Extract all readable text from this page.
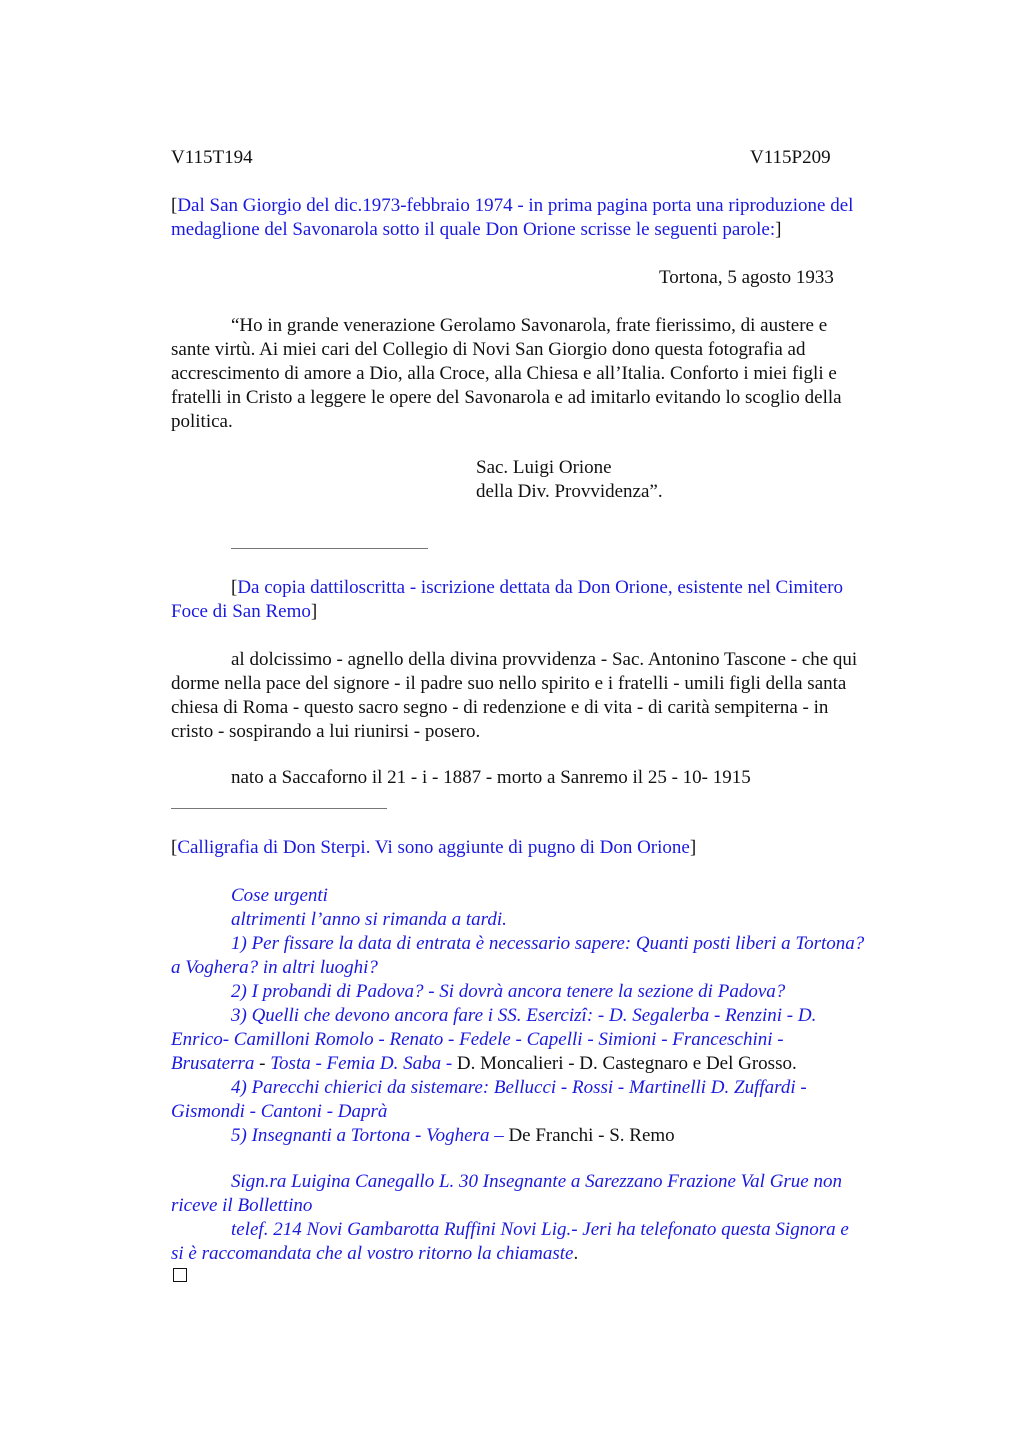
V115T194	V115P209
[Dal San Giorgio del dic.1973-febbraio 1974 - in prima pagina porta una riproduzione del
medaglione del Savonarola sotto il quale Don Orione scrisse le seguenti parole:]
Tortona, 5 agosto 1933
“Ho in grande venerazione Gerolamo Savonarola, frate fierissimo, di austere e
sante virtù. Ai miei cari del Collegio di Novi San Giorgio dono questa fotografia ad
accrescimento di amore a Dio, alla Croce, alla Chiesa e all’Italia. Conforto i miei figli e
fratelli in Cristo a leggere le opere del Savonarola e ad imitarlo evitando lo scoglio della
politica.
Sac. Luigi Orione
della Div. Provvidenza”.
[Da copia dattiloscritta - iscrizione dettata da Don Orione, esistente nel Cimitero
Foce di San Remo]
al dolcissimo - agnello della divina provvidenza - Sac. Antonino Tascone - che qui
dorme nella pace del signore - il padre suo nello spirito e i fratelli - umili figli della santa
chiesa di Roma - questo sacro segno - di redenzione e di vita - di carità sempiterna - in
cristo - sospirando a lui riunirsi - posero.
nato a Saccaforno il 21 - i - 1887 - morto a Sanremo il 25 - 10- 1915
[Calligrafia di Don Sterpi. Vi sono aggiunte di pugno di Don Orione]
Cose urgenti
altrimenti l’anno si rimanda a tardi.
1) Per fissare la data di entrata è necessario sapere: Quanti posti liberi a Tortona?
a Voghera? in altri luoghi?
2) I probandi di Padova? - Si dovrà ancora tenere la sezione di Padova?
3) Quelli che devono ancora fare i SS. Esercizî: - D. Segalerba - Renzini - D.
Enrico- Camilloni Romolo - Renato - Fedele - Capelli - Simioni - Franceschini -
Brusaterra - Tosta - Femia D. Saba - D. Moncalieri - D. Castegnaro e Del Grosso.
4) Parecchi chierici da sistemare: Bellucci - Rossi - Martinelli D. Zuffardi -
Gismondi - Cantoni - Daprà
5) Insegnanti a Tortona - Voghera – De Franchi - S. Remo
Sign.ra Luigina Canegallo L. 30 Insegnante a Sarezzano Frazione Val Grue non
riceve il Bollettino
telef. 214 Novi Gambarotta Ruffini Novi Lig.- Jeri ha telefonato questa Signora e
si è raccomandata che al vostro ritorno la chiamaste.
